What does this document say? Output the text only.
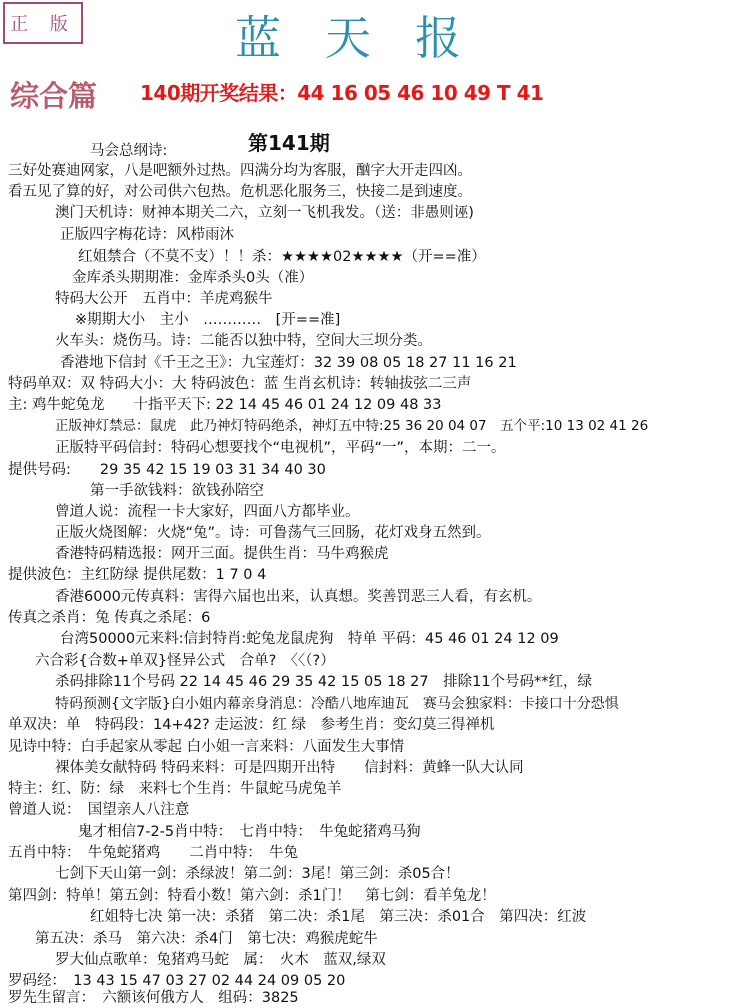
正 版	蓝天报
综合篇 140期开奖结果：44 16 05 46 10 49 T 41
第141期
马会总纲诗:
三好处赛迪网家，八是吧额外过热。四满分均为客服，酗字大开走四凶。
看五见了算的好，对公司供六包热。危机恶化服务三，快接二是到速度。
澳门天机诗：财神本期关二六，立刻一飞机我发。（送：非愚则诬)
正版四字梅花诗：风栉雨沐
红姐禁合（不莫不支）！！杀：★★★★02★★★★（开==准）
金库杀头期期准：金库杀头0头（准）
特码大公开　五肖中：羊虎鸡猴牛
※期期大小　主小　…………　[开==准]
火车头：烧伤马。诗：二能否以独中特，空间大三坝分类。
香港地下信封《千王之王》：九宝莲灯：32 39 08 05 18 27 11 16 21
特码单双：双 特码大小：大 特码波色：蓝 生肖玄机诗：转轴拔弦二三声
主: 鸡牛蛇兔龙　　十指平天下: 22 14 45 46 01 24 12 09 48 33
正版神灯禁忌：鼠虎　此乃神灯特码绝杀，神灯五中特:25 36 20 04 07　五个平:10 13 02 41 26
正版特平码信封：特码心想要找个“电视机”，平码“一”，本期：二一。
提供号码:　　29 35 42 15 19 03 31 34 40 30
第一手欲钱料：欲钱孙陪空
曾道人说：流程一卡大家好，四面八方都毕业。
正版火烧图解：火烧“兔”。诗：可鲁荡气三回肠，花灯戏身五然到。
香港特码精选报：网开三面。提供生肖：马牛鸡猴虎
提供波色：主红防绿 提供尾数：1 7 0 4
香港6000元传真料：害得六届也出来，认真想。奖善罚恶三人看，有玄机。
传真之杀肖：兔 传真之杀尾：6
台湾50000元来料:信封特肖:蛇兔龙鼠虎狗　特单 平码：45 46 01 24 12 09
六合彩{合数+单双}怪异公式　合单?　〈〈（?）
杀码排除11个号码 22 14 45 46 29 35 42 15 05 18 27　排除11个号码**红，绿
特码预测{文字版}白小姐内幕亲身消息：冷酷八地库迪瓦　赛马会独家料：卡接口十分恐惧
单双决：单　特码段：14+42? 走运波：红 绿　参考生肖：变幻莫三得禅机
见诗中特：白手起家从零起 白小姐一言来料：八面发生大事情
裸体美女献特码 特码来料：可是四期开出特　　信封料：黄蜂一队大认同
特主：红、防：绿　来料七个生肖：牛鼠蛇马虎兔羊
曾道人说：　国望亲人八注意
鬼才相信7-2-5肖中特：　七肖中特：　牛兔蛇猪鸡马狗
五肖中特：　牛兔蛇猪鸡　　二肖中特：　牛兔
七剑下天山第一剑：杀绿波！第二剑：3尾！第三剑：杀05合！
第四剑：特单！第五剑：特看小数！第六剑：杀1门！　第七剑：看羊兔龙！
红姐特七决 第一决：杀猪　第二决：杀1尾　第三决：杀01合　第四决：红波
第五决：杀马　第六决：杀4门　第七决：鸡猴虎蛇牛
罗大仙点歌单：兔猪鸡马蛇　属：　火木　蓝双,绿双
罗码经：　13 43 15 47 03 27 02 44 24 09 05 20
罗先生留言：　六额该何俄方人　组码：3825
